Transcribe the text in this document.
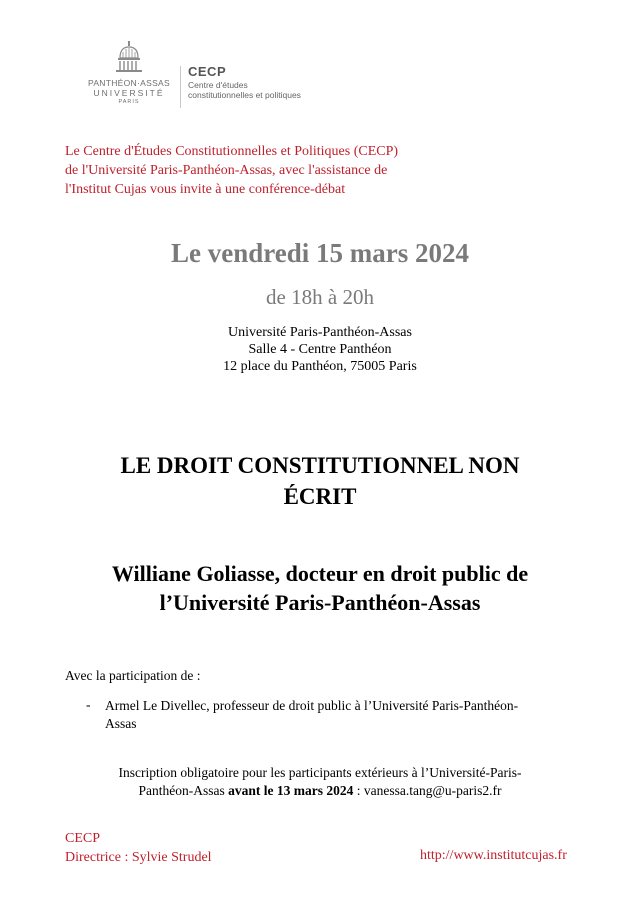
PANTHÉON·ASSAS
UNIVERSITÉ
PARIS
CECP
Centre d'études
constitutionnelles et politiques
Le Centre d'Études Constitutionnelles et Politiques (CECP)
de l'Université Paris-Panthéon-Assas, avec l'assistance de
l'Institut Cujas vous invite à une conférence-débat
Le vendredi 15 mars 2024
de 18h à 20h
Université Paris-Panthéon-Assas
Salle 4 - Centre Panthéon
12 place du Panthéon, 75005 Paris
LE DROIT CONSTITUTIONNEL NON
ÉCRIT
Williane Goliasse, docteur en droit public de
l’Université Paris-Panthéon-Assas
Avec la participation de :
- Armel Le Divellec, professeur de droit public à l’Université Paris-Panthéon-
Assas
Inscription obligatoire pour les participants extérieurs à l’Université-Paris-
Panthéon-Assas avant le 13 mars 2024 : vanessa.tang@u-paris2.fr
CECP
Directrice : Sylvie Strudel	http://www.institutcujas.fr
